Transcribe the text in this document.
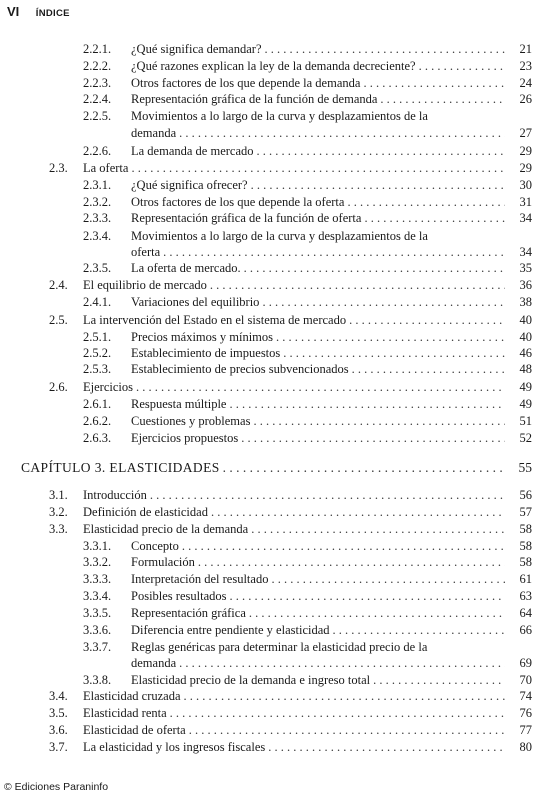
VI ÍNDICE
2.2.1. ¿Qué significa demandar? . . .	21
2.2.2. ¿Qué razones explican la ley de la demanda decreciente? . . .	23
2.2.3. Otros factores de los que depende la demanda . . .	24
2.2.4. Representación gráfica de la función de demanda . . .	26
2.2.5. Movimientos a lo largo de la curva y desplazamientos de la
demanda . . .	27
2.2.6. La demanda de mercado . . .	29
2.3. La oferta . . .	29
2.3.1. ¿Qué significa ofrecer? . . .	30
2.3.2. Otros factores de los que depende la oferta . . .	31
2.3.3. Representación gráfica de la función de oferta . . .	34
2.3.4. Movimientos a lo largo de la curva y desplazamientos de la
oferta . . .	34
2.3.5. La oferta de mercado. . . .	35
2.4. El equilibrio de mercado . . .	36
2.4.1. Variaciones del equilibrio . . .	38
2.5. La intervención del Estado en el sistema de mercado . . .	40
2.5.1. Precios máximos y mínimos . . .	40
2.5.2. Establecimiento de impuestos . . .	46
2.5.3. Establecimiento de precios subvencionados . . .	48
2.6. Ejercicios . . .	49
2.6.1. Respuesta múltiple . . .	49
2.6.2. Cuestiones y problemas . . .	51
2.6.3. Ejercicios propuestos . . .	52
CAPÍTULO 3. ELASTICIDADES . . .	55
3.1. Introducción . . .	56
3.2. Definición de elasticidad . . .	57
3.3. Elasticidad precio de la demanda . . .	58
3.3.1. Concepto . . .	58
3.3.2. Formulación . . .	58
3.3.3. Interpretación del resultado . . .	61
3.3.4. Posibles resultados . . .	63
3.3.5. Representación gráfica . . .	64
3.3.6. Diferencia entre pendiente y elasticidad . . .	66
3.3.7. Reglas genéricas para determinar la elasticidad precio de la
demanda . . .	69
3.3.8. Elasticidad precio de la demanda e ingreso total . . .	70
3.4. Elasticidad cruzada . . .	74
3.5. Elasticidad renta . . .	76
3.6. Elasticidad de oferta . . .	77
3.7. La elasticidad y los ingresos fiscales . . .	80
© Ediciones Paraninfo
